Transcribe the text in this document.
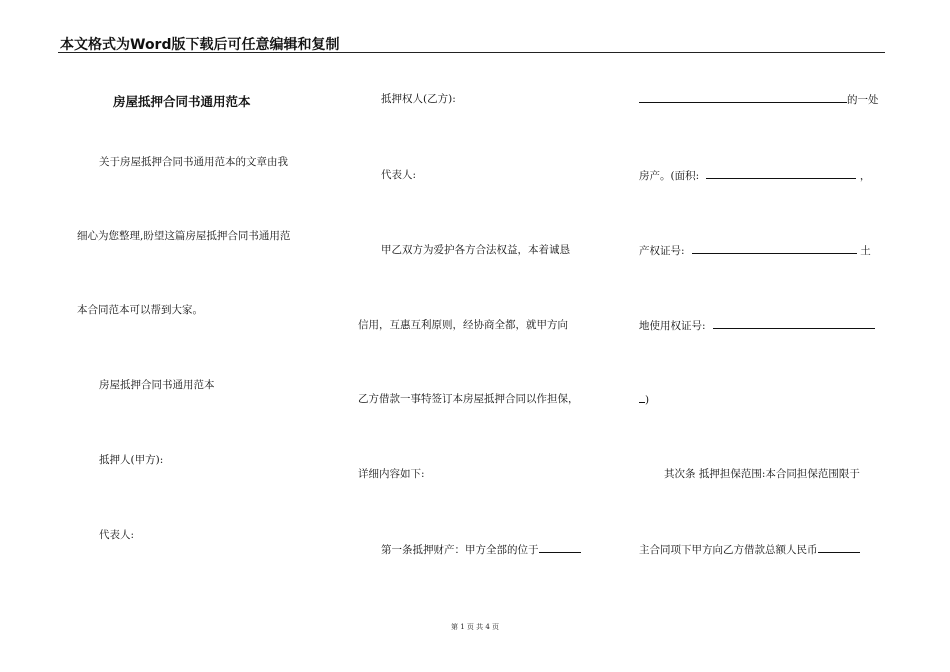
本文格式为Word版下载后可任意编辑和复制
房屋抵押合同书通用范本
关于房屋抵押合同书通用范本的文章由我
细心为您整理,盼望这篇房屋抵押合同书通用范
本合同范本可以帮到大家。
房屋抵押合同书通用范本
抵押人(甲方):
代表人:
抵押权人(乙方):
代表人:
甲乙双方为爱护各方合法权益，本着诚恳
信用，互惠互利原则，经协商全都，就甲方向
乙方借款一事特签订本房屋抵押合同以作担保，
详细内容如下:
第一条抵押财产：甲方全部的位于
的一处
房产。(面积:	，
产权证号:	土
地使用权证号:
)
其次条 抵押担保范围:本合同担保范围限于
主合同项下甲方向乙方借款总额人民币
第 1 页 共 4 页
